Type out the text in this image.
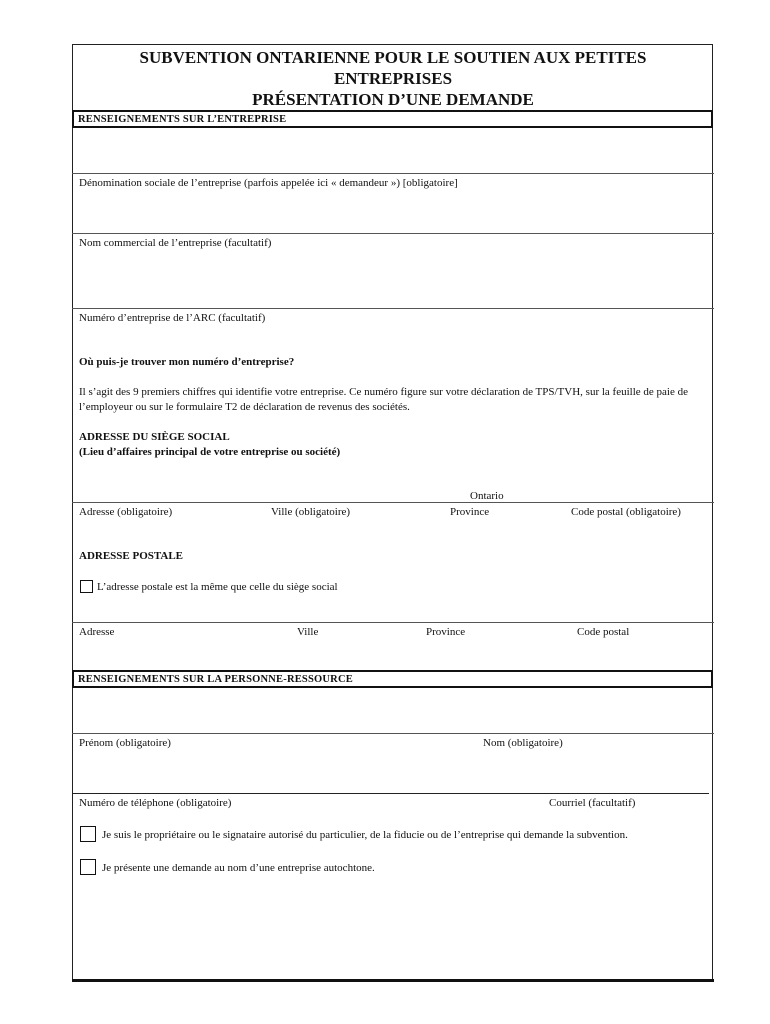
SUBVENTION ONTARIENNE POUR LE SOUTIEN AUX PETITES
ENTREPRISES
PRÉSENTATION D’UNE DEMANDE
RENSEIGNEMENTS SUR L’ENTREPRISE
Dénomination sociale de l’entreprise (parfois appelée ici « demandeur ») [obligatoire]
Nom commercial de l’entreprise (facultatif)
Numéro d’entreprise de l’ARC (facultatif)
Où puis-je trouver mon numéro d’entreprise?
Il s’agit des 9 premiers chiffres qui identifie votre entreprise. Ce numéro figure sur votre déclaration de TPS/TVH, sur la feuille de paie de l’employeur ou sur le formulaire T2 de déclaration de revenus des sociétés.
ADRESSE DU SIÈGE SOCIAL
(Lieu d’affaires principal de votre entreprise ou société)
Ontario
Adresse (obligatoire)	Ville (obligatoire)	Province	Code postal (obligatoire)
ADRESSE POSTALE
L’adresse postale est la même que celle du siège social
Adresse	Ville	Province	Code postal
RENSEIGNEMENTS SUR LA PERSONNE-RESSOURCE
Prénom (obligatoire)	Nom (obligatoire)
Numéro de téléphone (obligatoire)	Courriel (facultatif)
Je suis le propriétaire ou le signataire autorisé du particulier, de la fiducie ou de l’entreprise qui demande la subvention.
Je présente une demande au nom d’une entreprise autochtone.
